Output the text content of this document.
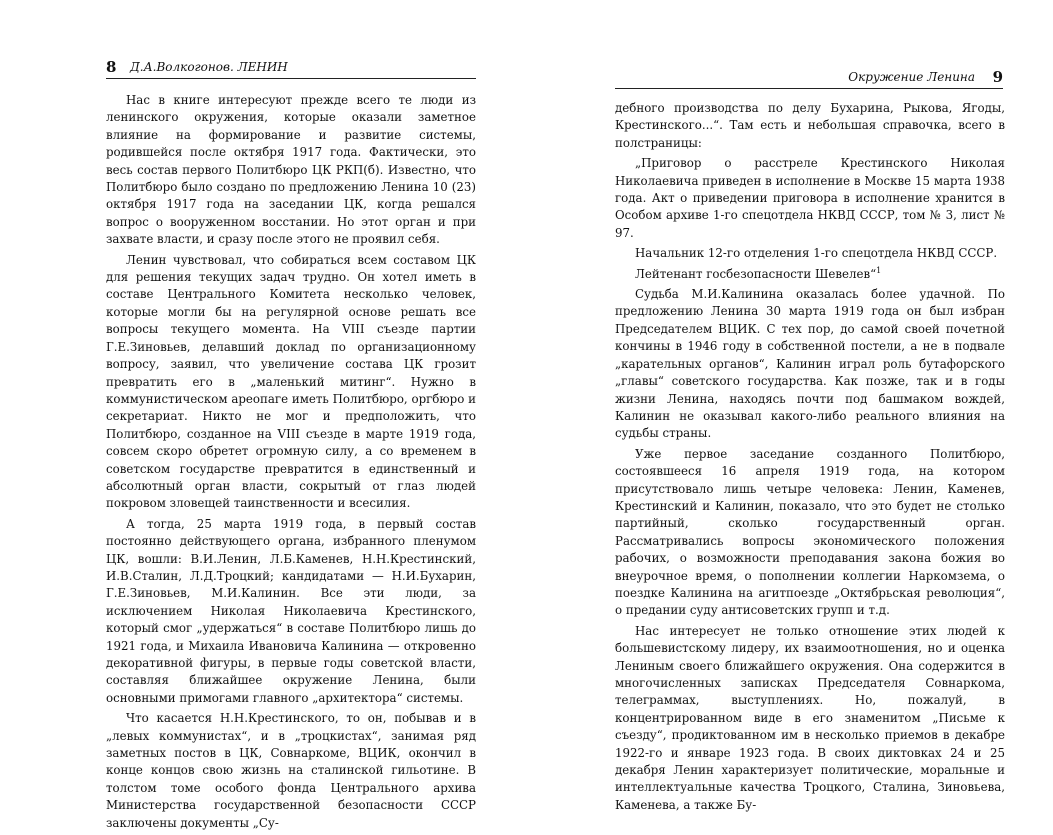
8 Д.А.Волкогонов. ЛЕНИН

Нас в книге интересуют прежде всего те люди из ленинского окружения, которые оказали заметное влияние на формирование и развитие системы, родившейся после октября 1917 года. Фактически, это весь состав первого Политбюро ЦК РКП(б). Известно, что Политбюро было создано по предложению Ленина 10 (23) октября 1917 года на заседании ЦК, когда решался вопрос о вооруженном восстании. Но этот орган и при захвате власти, и сразу после этого не проявил себя.

Ленин чувствовал, что собираться всем составом ЦК для решения текущих задач трудно. Он хотел иметь в составе Центрального Комитета несколько человек, которые могли бы на регулярной основе решать все вопросы текущего момента. На VIII съезде партии Г.Е.Зиновьев, делавший доклад по организационному вопросу, заявил, что увеличение состава ЦК грозит превратить его в „маленький митинг“. Нужно в коммунистическом ареопаге иметь Политбюро, оргбюро и секретариат. Никто не мог и предположить, что Политбюро, созданное на VIII съезде в марте 1919 года, совсем скоро обретет огромную силу, а со временем в советском государстве превратится в единственный и абсолютный орган власти, сокрытый от глаз людей покровом зловещей таинственности и всесилия.

А тогда, 25 марта 1919 года, в первый состав постоянно действующего органа, избранного пленумом ЦК, вошли: В.И.Ленин, Л.Б.Каменев, Н.Н.Крестинский, И.В.Сталин, Л.Д.Троцкий; кандидатами — Н.И.Бухарин, Г.Е.Зиновьев, М.И.Калинин. Все эти люди, за исключением Николая Николаевича Крестинского, который смог „удержаться“ в составе Политбюро лишь до 1921 года, и Михаила Ивановича Калинина — откровенно декоративной фигуры, в первые годы советской власти, составляя ближайшее окружение Ленина, были основными примогами главного „архитектора“ системы.

Что касается Н.Н.Крестинского, то он, побывав и в „левых коммунистах“, и в „троцкистах“, занимая ряд заметных постов в ЦК, Совнаркоме, ВЦИК, окончил в конце концов свою жизнь на сталинской гильотине. В толстом томе особого фонда Центрального архива Министерства государственной безопасности СССР заключены документы „Су-

Окружение Ленина 9

дебного производства по делу Бухарина, Рыкова, Ягоды, Крестинского...“. Там есть и небольшая справочка, всего в полстраницы:

„Приговор о расстреле Крестинского Николая Николаевича приведен в исполнение в Москве 15 марта 1938 года. Акт о приведении приговора в исполнение хранится в Особом архиве 1-го спецотдела НКВД СССР, том № 3, лист № 97.

Начальник 12-го отделения 1-го спецотдела НКВД СССР.

Лейтенант госбезопасности Шевелев“$^1$

Судьба М.И.Калинина оказалась более удачной. По предложению Ленина 30 марта 1919 года он был избран Председателем ВЦИК. С тех пор, до самой своей почетной кончины в 1946 году в собственной постели, а не в подвале „карательных органов“, Калинин играл роль бутафорского „главы“ советского государства. Как позже, так и в годы жизни Ленина, находясь почти под башмаком вождей, Калинин не оказывал какого-либо реального влияния на судьбы страны.

Уже первое заседание созданного Политбюро, состоявшееся 16 апреля 1919 года, на котором присутствовало лишь четыре человека: Ленин, Каменев, Крестинский и Калинин, показало, что это будет не столько партийный, сколько государственный орган. Рассматривались вопросы экономического положения рабочих, о возможности преподавания закона божия во внеурочное время, о пополнении коллегии Наркомзема, о поездке Калинина на агитпоезде „Октябрьская революция“, о предании суду антисоветских групп и т.д.

Нас интересует не только отношение этих людей к большевистскому лидеру, их взаимоотношения, но и оценка Лениным своего ближайшего окружения. Она содержится в многочисленных записках Председателя Совнаркома, телеграммах, выступлениях. Но, пожалуй, в концентрированном виде в его знаменитом „Письме к съезду“, продиктованном им в несколько приемов в декабре 1922-го и январе 1923 года. В своих диктовках 24 и 25 декабря Ленин характеризует политические, моральные и интеллектуальные качества Троцкого, Сталина, Зиновьева, Каменева, а также Бу-
